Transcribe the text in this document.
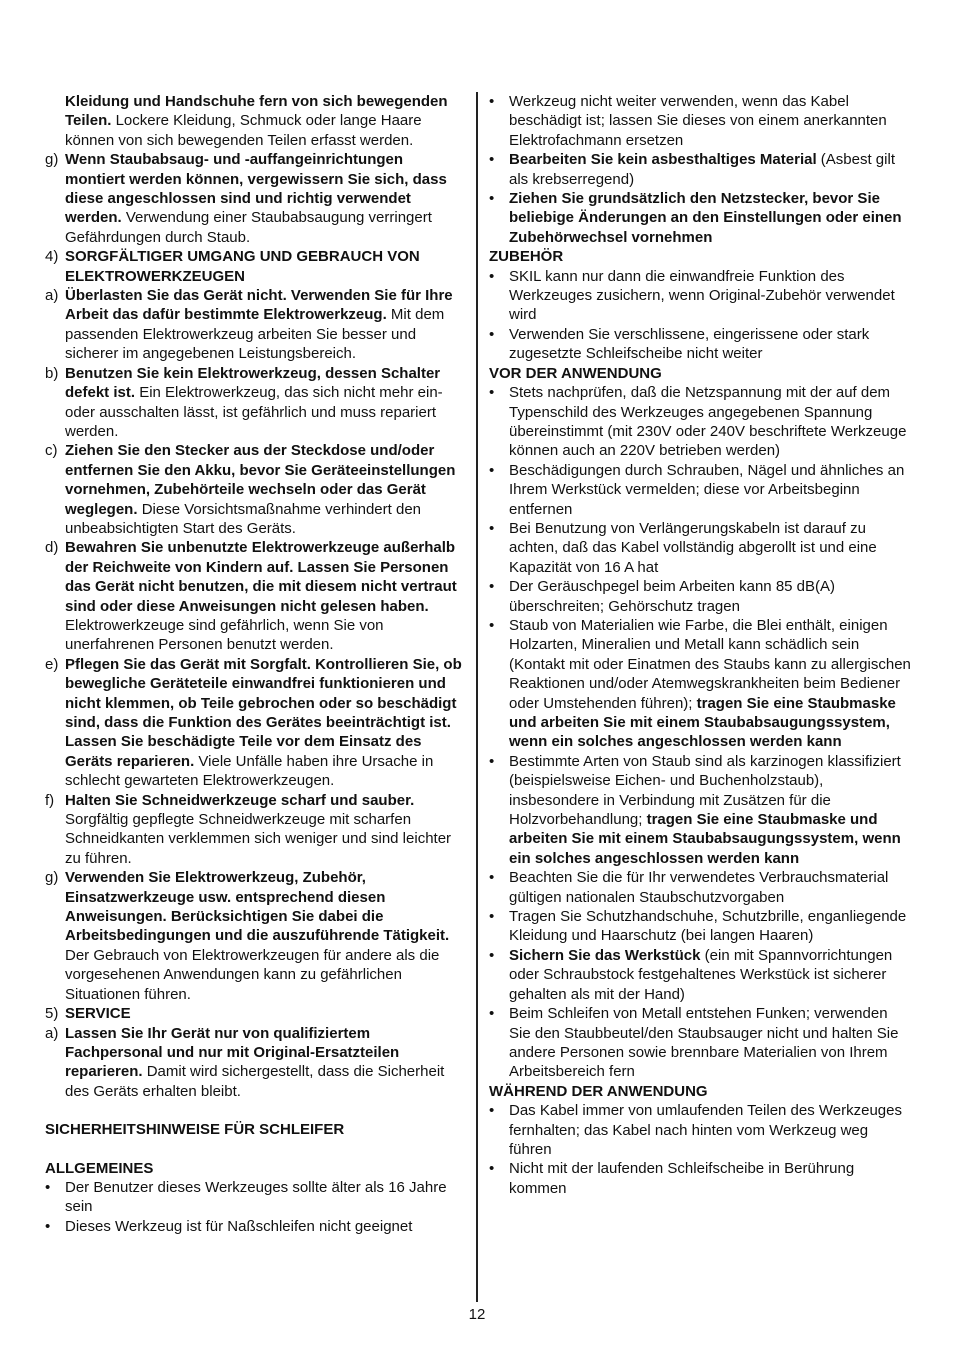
Kleidung und Handschuhe fern von sich bewegenden Teilen. Lockere Kleidung, Schmuck oder lange Haare können von sich bewegenden Teilen erfasst werden.
g) Wenn Staubabsaug- und -auffangeinrichtungen montiert werden können, vergewissern Sie sich, dass diese angeschlossen sind und richtig verwendet werden. Verwendung einer Staubabsaugung verringert Gefährdungen durch Staub.
4) SORGFÄLTIGER UMGANG UND GEBRAUCH VON ELEKTROWERKZEUGEN
a) Überlasten Sie das Gerät nicht. Verwenden Sie für Ihre Arbeit das dafür bestimmte Elektrowerkzeug. Mit dem passenden Elektrowerkzeug arbeiten Sie besser und sicherer im angegebenen Leistungsbereich.
b) Benutzen Sie kein Elektrowerkzeug, dessen Schalter defekt ist. Ein Elektrowerkzeug, das sich nicht mehr ein- oder ausschalten lässt, ist gefährlich und muss repariert werden.
c) Ziehen Sie den Stecker aus der Steckdose und/oder entfernen Sie den Akku, bevor Sie Geräteeinstellungen vornehmen, Zubehörteile wechseln oder das Gerät weglegen. Diese Vorsichtsmaßnahme verhindert den unbeabsichtigten Start des Geräts.
d) Bewahren Sie unbenutzte Elektrowerkzeuge außerhalb der Reichweite von Kindern auf. Lassen Sie Personen das Gerät nicht benutzen, die mit diesem nicht vertraut sind oder diese Anweisungen nicht gelesen haben. Elektrowerkzeuge sind gefährlich, wenn Sie von unerfahrenen Personen benutzt werden.
e) Pflegen Sie das Gerät mit Sorgfalt. Kontrollieren Sie, ob bewegliche Geräteteile einwandfrei funktionieren und nicht klemmen, ob Teile gebrochen oder so beschädigt sind, dass die Funktion des Gerätes beeinträchtigt ist. Lassen Sie beschädigte Teile vor dem Einsatz des Geräts reparieren. Viele Unfälle haben ihre Ursache in schlecht gewarteten Elektrowerkzeugen.
f) Halten Sie Schneidwerkzeuge scharf und sauber. Sorgfältig gepflegte Schneidwerkzeuge mit scharfen Schneidkanten verklemmen sich weniger und sind leichter zu führen.
g) Verwenden Sie Elektrowerkzeug, Zubehör, Einsatzwerkzeuge usw. entsprechend diesen Anweisungen. Berücksichtigen Sie dabei die Arbeitsbedingungen und die auszuführende Tätigkeit. Der Gebrauch von Elektrowerkzeugen für andere als die vorgesehenen Anwendungen kann zu gefährlichen Situationen führen.
5) SERVICE
a) Lassen Sie Ihr Gerät nur von qualifiziertem Fachpersonal und nur mit Original-Ersatzteilen reparieren. Damit wird sichergestellt, dass die Sicherheit des Geräts erhalten bleibt.
SICHERHEITSHINWEISE FÜR SCHLEIFER
ALLGEMEINES
• Der Benutzer dieses Werkzeuges sollte älter als 16 Jahre sein
• Dieses Werkzeug ist für Naßschleifen nicht geeignet
• Werkzeug nicht weiter verwenden, wenn das Kabel beschädigt ist; lassen Sie dieses von einem anerkannten Elektrofachmann ersetzen
• Bearbeiten Sie kein asbesthaltiges Material (Asbest gilt als krebserregend)
• Ziehen Sie grundsätzlich den Netzstecker, bevor Sie beliebige Änderungen an den Einstellungen oder einen Zubehörwechsel vornehmen
ZUBEHÖR
• SKIL kann nur dann die einwandfreie Funktion des Werkzeuges zusichern, wenn Original-Zubehör verwendet wird
• Verwenden Sie verschlissene, eingerissene oder stark zugesetzte Schleifscheibe nicht weiter
VOR DER ANWENDUNG
• Stets nachprüfen, daß die Netzspannung mit der auf dem Typenschild des Werkzeuges angegebenen Spannung übereinstimmt (mit 230V oder 240V beschriftete Werkzeuge können auch an 220V betrieben werden)
• Beschädigungen durch Schrauben, Nägel und ähnliches an Ihrem Werkstück vermelden; diese vor Arbeitsbeginn entfernen
• Bei Benutzung von Verlängerungskabeln ist darauf zu achten, daß das Kabel vollständig abgerollt ist und eine Kapazität von 16 A hat
• Der Geräuschpegel beim Arbeiten kann 85 dB(A) überschreiten; Gehörschutz tragen
• Staub von Materialien wie Farbe, die Blei enthält, einigen Holzarten, Mineralien und Metall kann schädlich sein (Kontakt mit oder Einatmen des Staubs kann zu allergischen Reaktionen und/oder Atemwegskrankheiten beim Bediener oder Umstehenden führen); tragen Sie eine Staubmaske und arbeiten Sie mit einem Staubabsaugungssystem, wenn ein solches angeschlossen werden kann
• Bestimmte Arten von Staub sind als karzinogen klassifiziert (beispielsweise Eichen- und Buchenholzstaub), insbesondere in Verbindung mit Zusätzen für die Holzvorbehandlung; tragen Sie eine Staubmaske und arbeiten Sie mit einem Staubabsaugungssystem, wenn ein solches angeschlossen werden kann
• Beachten Sie die für Ihr verwendetes Verbrauchsmaterial gültigen nationalen Staubschutzvorgaben
• Tragen Sie Schutzhandschuhe, Schutzbrille, enganliegende Kleidung und Haarschutz (bei langen Haaren)
• Sichern Sie das Werkstück (ein mit Spannvorrichtungen oder Schraubstock festgehaltenes Werkstück ist sicherer gehalten als mit der Hand)
• Beim Schleifen von Metall entstehen Funken; verwenden Sie den Staubbeutel/den Staubsauger nicht und halten Sie andere Personen sowie brennbare Materialien von Ihrem Arbeitsbereich fern
WÄHREND DER ANWENDUNG
• Das Kabel immer von umlaufenden Teilen des Werkzeuges fernhalten; das Kabel nach hinten vom Werkzeug weg führen
• Nicht mit der laufenden Schleifscheibe in Berührung kommen
12
